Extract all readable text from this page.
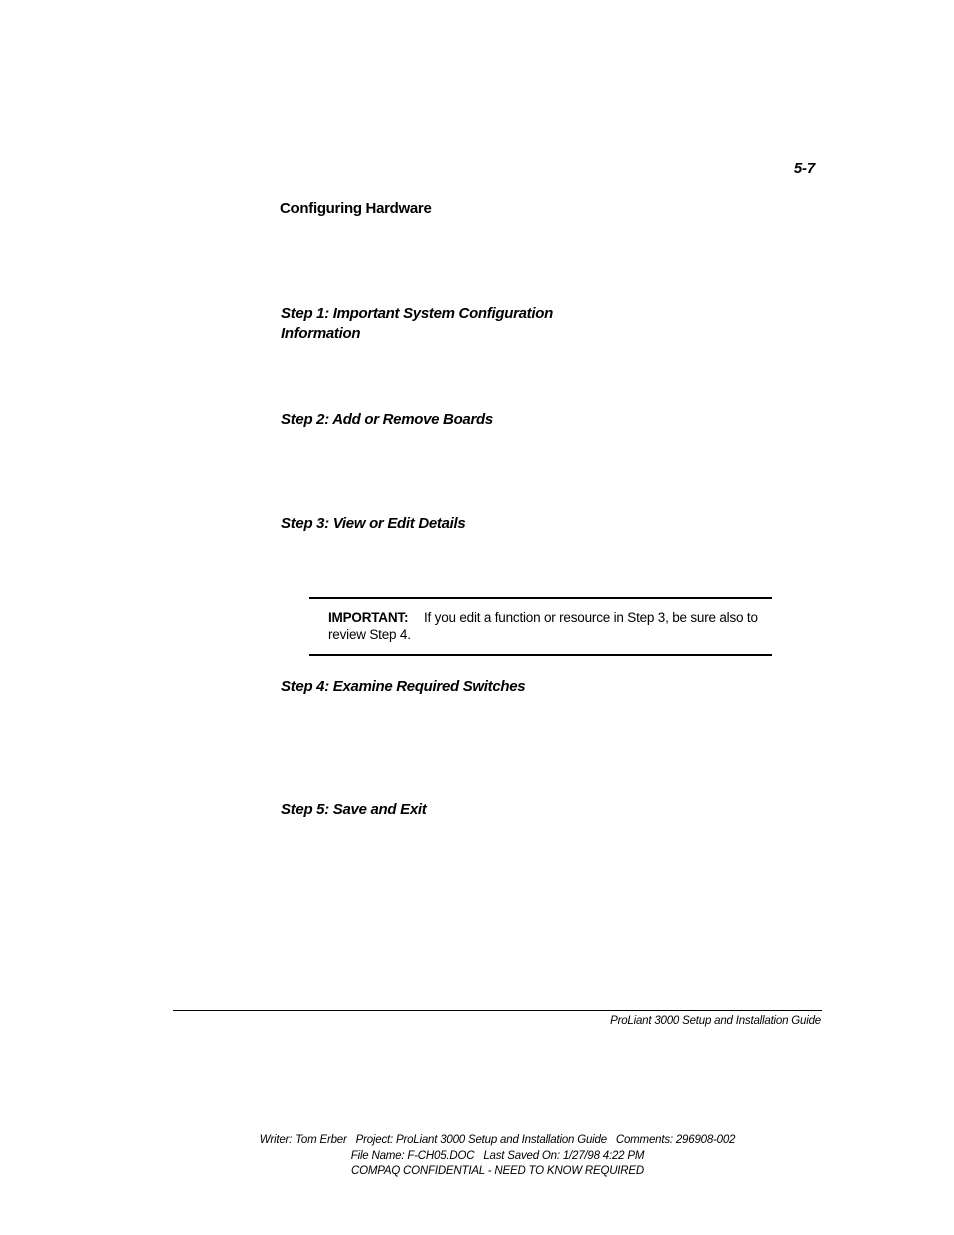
5-7
Configuring Hardware
Step 1: Important System Configuration
Information
Step 2: Add or Remove Boards
Step 3: View or Edit Details
IMPORTANT: If you edit a function or resource in Step 3, be sure also to review Step 4.
Step 4: Examine Required Switches
Step 5: Save and Exit
ProLiant 3000 Setup and Installation Guide
Writer: Tom Erber   Project: ProLiant 3000 Setup and Installation Guide   Comments: 296908-002
File Name: F-CH05.DOC   Last Saved On: 1/27/98 4:22 PM
COMPAQ CONFIDENTIAL - NEED TO KNOW REQUIRED
